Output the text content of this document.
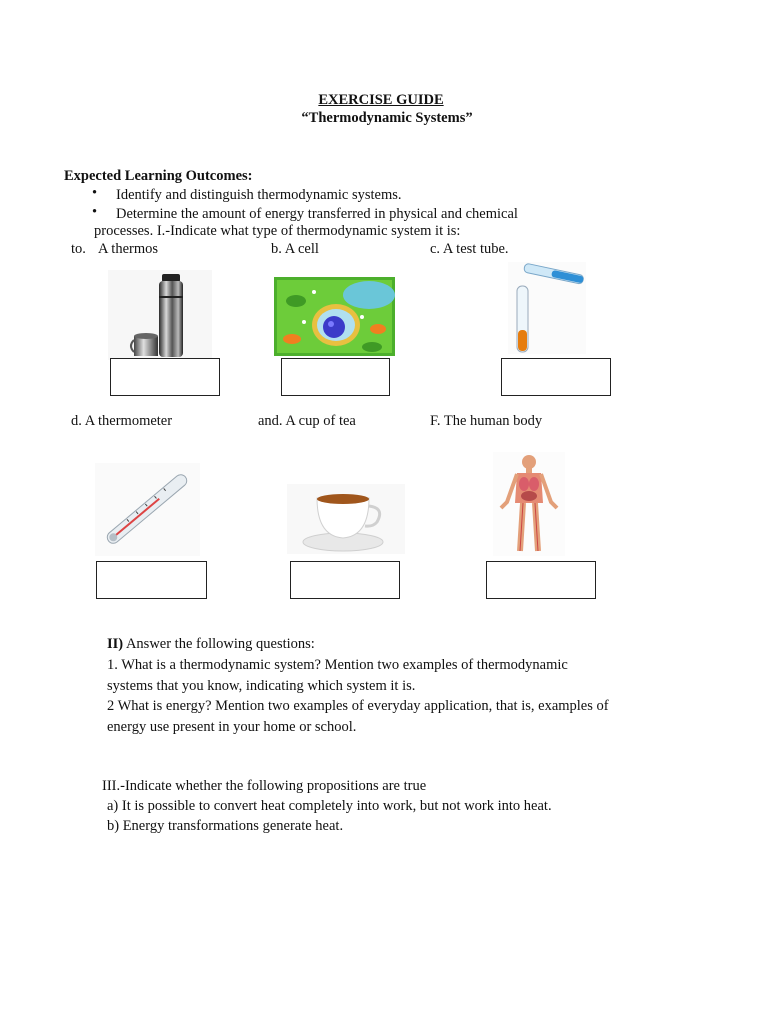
EXERCISE GUIDE
“Thermodynamic Systems”
Expected Learning Outcomes:
• Identify and distinguish thermodynamic systems.
• Determine the amount of energy transferred in physical and chemical
processes. I.-Indicate what type of thermodynamic system it is:
to. A thermos	b. A cell	c. A test tube.
d. A thermometer	and. A cup of tea	F. The human body
II) Answer the following questions:
1. What is a thermodynamic system? Mention two examples of thermodynamic
systems that you know, indicating which system it is.
2 What is energy? Mention two examples of everyday application, that is, examples of
energy use present in your home or school.
III.-Indicate whether the following propositions are true
a) It is possible to convert heat completely into work, but not work into heat.
b) Energy transformations generate heat.
